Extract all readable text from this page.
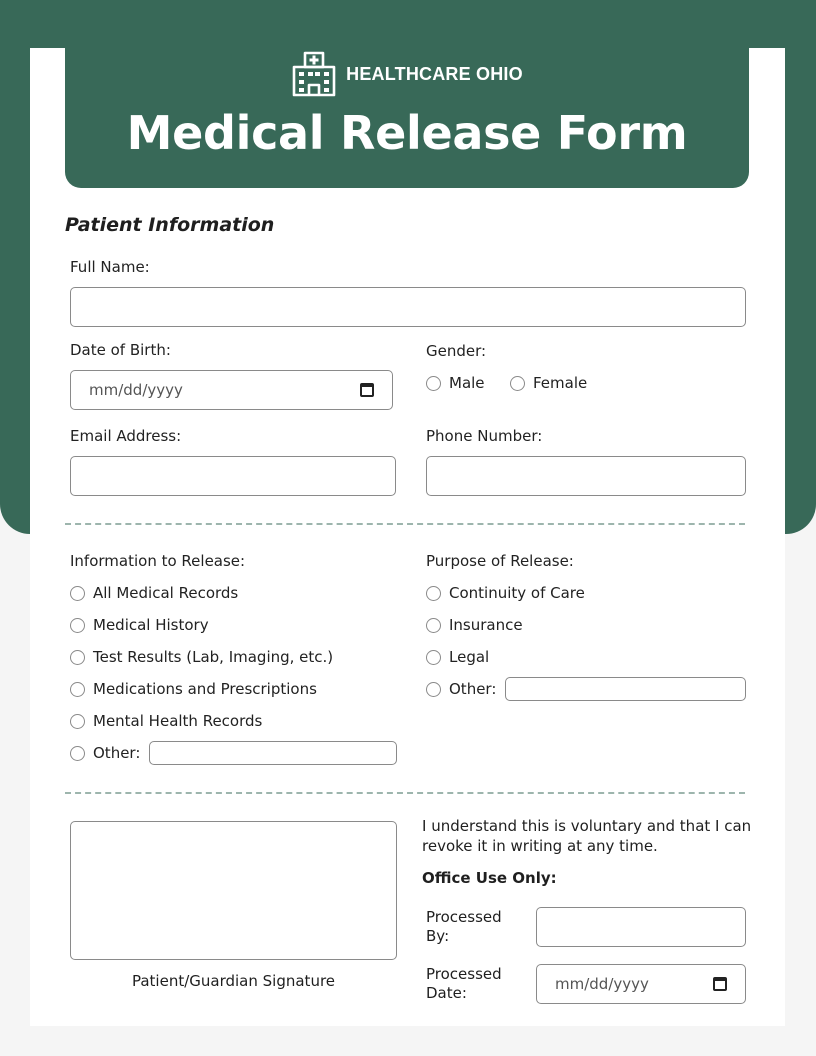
HEALTHCARE OHIO
Medical Release Form
Patient Information
Full Name:
Date of Birth:
mm/dd/yyyy
Gender:
Male	Female
Email Address:	Phone Number:
Information to Release:
All Medical Records
Medical History
Test Results (Lab, Imaging, etc.)
Medications and Prescriptions
Mental Health Records
Other:
Purpose of Release:
Continuity of Care
Insurance
Legal
Other:
Patient/Guardian Signature
I understand this is voluntary and that I can revoke it in writing at any time.
Office Use Only:
Processed By:
Processed Date:	mm/dd/yyyy
